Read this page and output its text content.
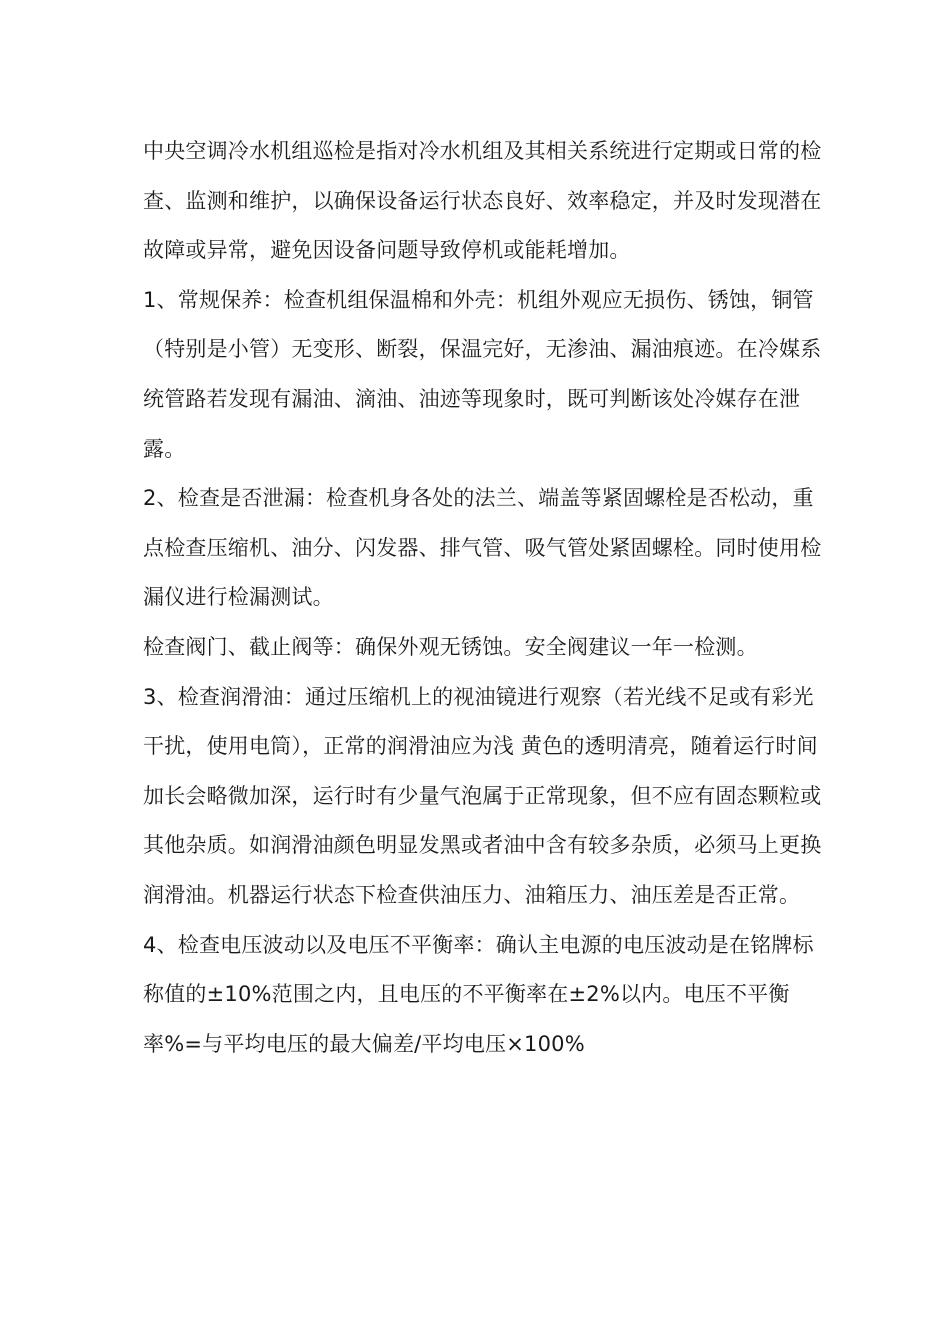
中央空调冷水机组巡检是指对冷水机组及其相关系统进行定期或日常的检查、监测和维护，以确保设备运行状态良好、效率稳定，并及时发现潜在故障或异常，避免因设备问题导致停机或能耗增加。

1、常规保养：检查机组保温棉和外壳：机组外观应无损伤、锈蚀，铜管（特别是小管）无变形、断裂，保温完好，无渗油、漏油痕迹。在冷媒系统管路若发现有漏油、滴油、油迹等现象时，既可判断该处冷媒存在泄露。

2、检查是否泄漏：检查机身各处的法兰、端盖等紧固螺栓是否松动，重点检查压缩机、油分、闪发器、排气管、吸气管处紧固螺栓。同时使用检漏仪进行检漏测试。

检查阀门、截止阀等：确保外观无锈蚀。安全阀建议一年一检测。

3、检查润滑油：通过压缩机上的视油镜进行观察（若光线不足或有彩光干扰，使用电筒），正常的润滑油应为浅 黄色的透明清亮，随着运行时间加长会略微加深，运行时有少量气泡属于正常现象，但不应有固态颗粒或 其他杂质。如润滑油颜色明显发黑或者油中含有较多杂质，必须马上更换润滑油。机器运行状态下检查供油压力、油箱压力、油压差是否正常。

4、检查电压波动以及电压不平衡率：确认主电源的电压波动是在铭牌标称值的±10%范围之内，且电压的不平衡率在±2%以内。电压不平衡率%=与平均电压的最大偏差/平均电压×100%
